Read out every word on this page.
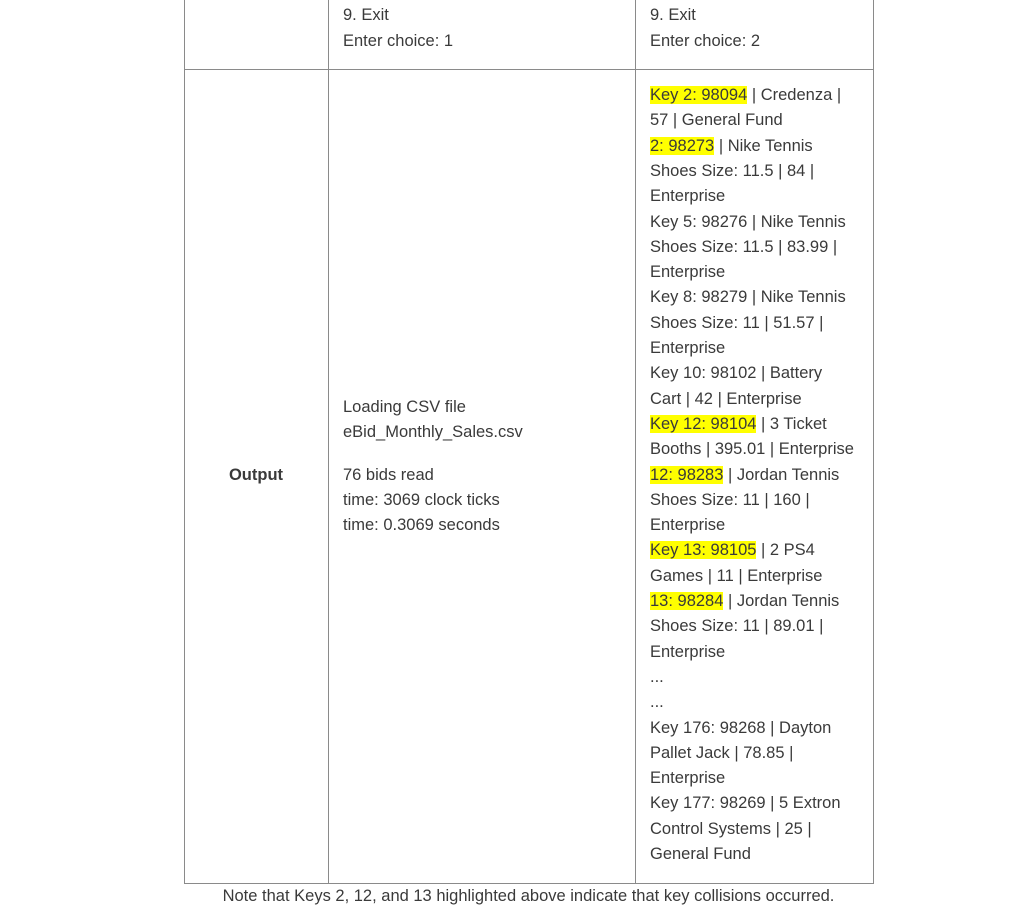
9. Exit
Enter choice: 1
9. Exit
Enter choice: 2
Output
Loading CSV file
eBid_Monthly_Sales.csv
76 bids read
time: 3069 clock ticks
time: 0.3069 seconds
Key 2: 98094 | Credenza |
57 | General Fund
2: 98273 | Nike Tennis
Shoes Size: 11.5 | 84 |
Enterprise
Key 5: 98276 | Nike Tennis
Shoes Size: 11.5 | 83.99 |
Enterprise
Key 8: 98279 | Nike Tennis
Shoes Size: 11 | 51.57 |
Enterprise
Key 10: 98102 | Battery
Cart | 42 | Enterprise
Key 12: 98104 | 3 Ticket
Booths | 395.01 | Enterprise
12: 98283 | Jordan Tennis
Shoes Size: 11 | 160 |
Enterprise
Key 13: 98105 | 2 PS4
Games | 11 | Enterprise
13: 98284 | Jordan Tennis
Shoes Size: 11 | 89.01 |
Enterprise
...
...
Key 176: 98268 | Dayton
Pallet Jack | 78.85 |
Enterprise
Key 177: 98269 | 5 Extron
Control Systems | 25 |
General Fund
Note that Keys 2, 12, and 13 highlighted above indicate that key collisions occurred.
